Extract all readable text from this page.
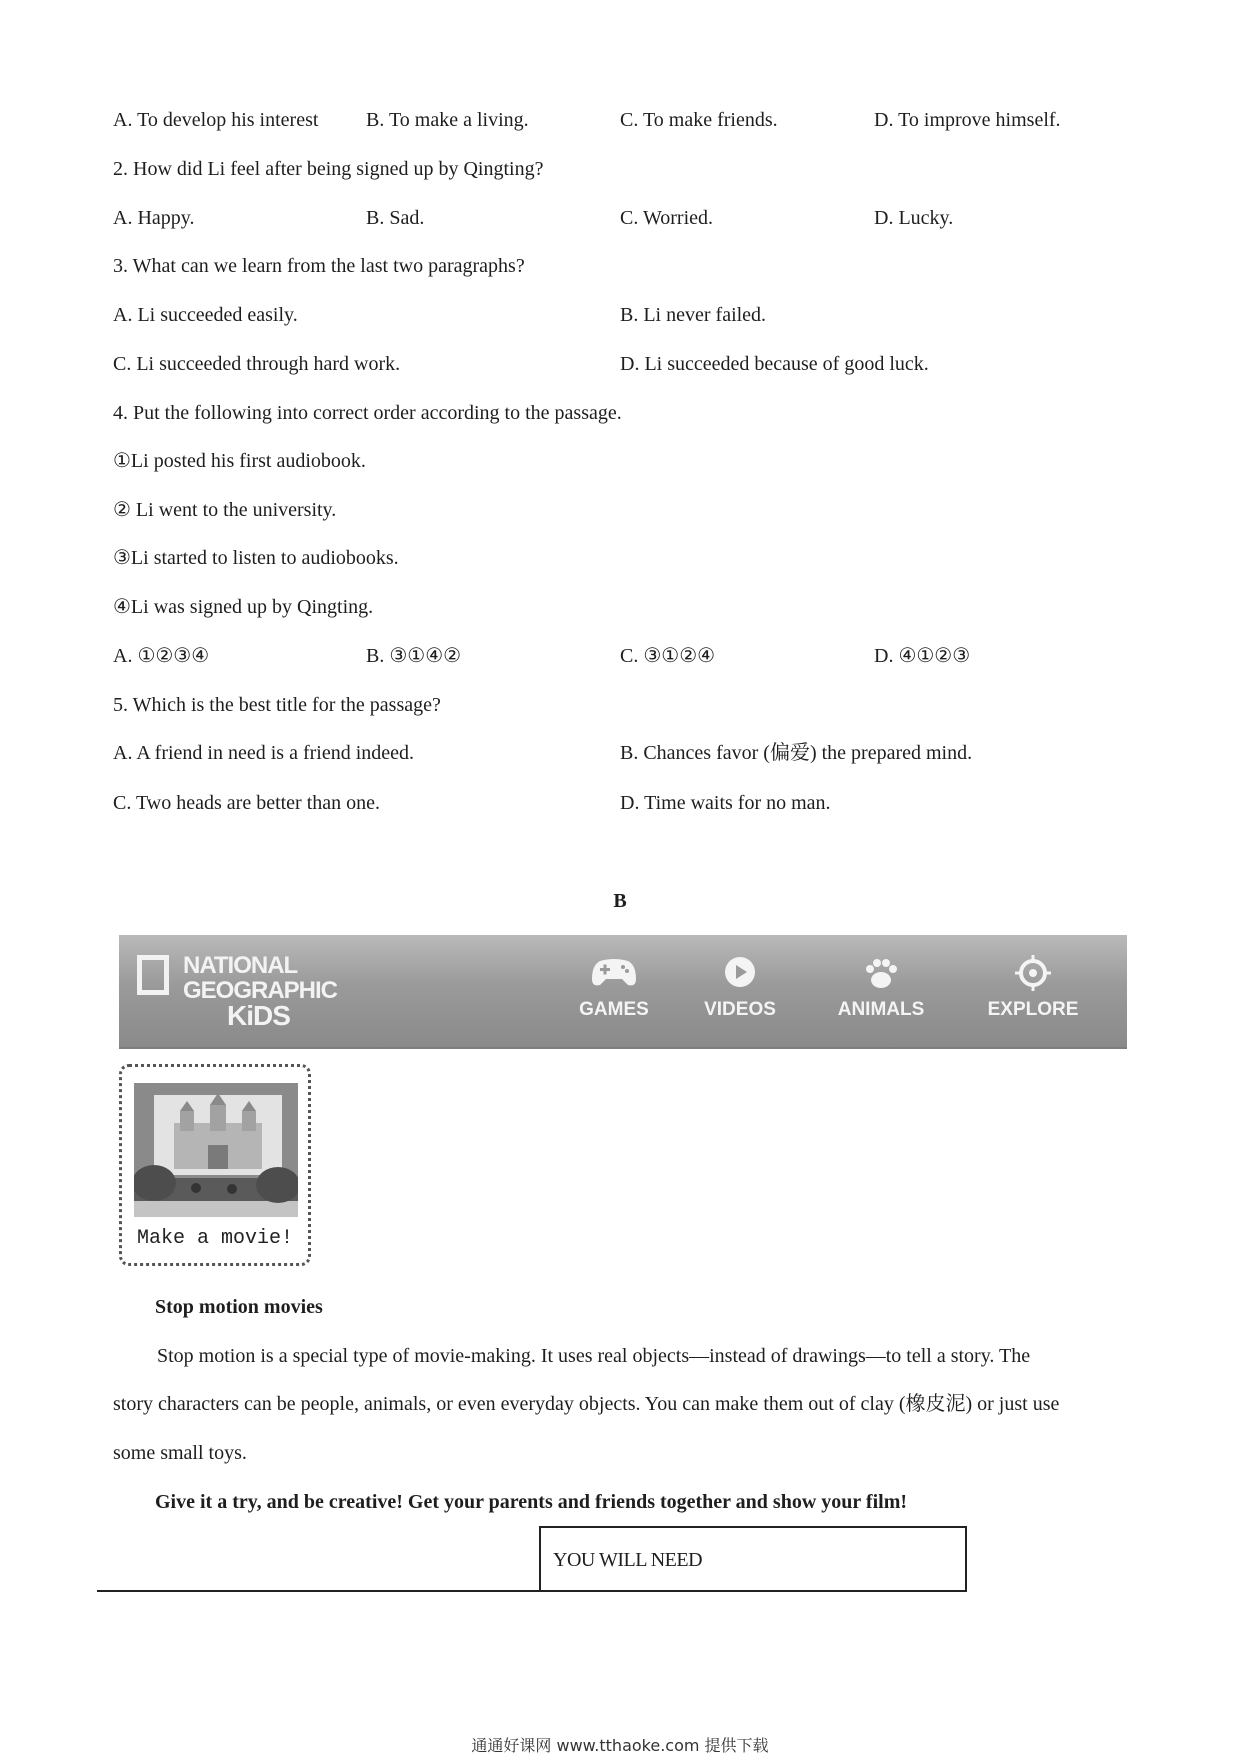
A. To develop his interest B. To make a living.	C. To make friends.	D. To improve himself.
2. How did Li feel after being signed up by Qingting?
A. Happy.	B. Sad.	C. Worried.	D. Lucky.
3. What can we learn from the last two paragraphs?
A. Li succeeded easily.	B. Li never failed.
C. Li succeeded through hard work.	D. Li succeeded because of good luck.
4. Put the following into correct order according to the passage.
①Li posted his first audiobook.
② Li went to the university.
③Li started to listen to audiobooks.
④Li was signed up by Qingting.
A. ①②③④	B. ③①④②	C. ③①②④	D. ④①②③
5. Which is the best title for the passage?
A. A friend in need is a friend indeed.	B. Chances favor (偏爱) the prepared mind.
C. Two heads are better than one.	D. Time waits for no man.
B
NATIONAL
GEOGRAPHIC
KiDS	GAMES	VIDEOS	ANIMALS	EXPLORE
Make a movie!
Stop motion movies
Stop motion is a special type of movie-making. It uses real objects—instead of drawings—to tell a story. The
story characters can be people, animals, or even everyday objects. You can make them out of clay (橡皮泥) or just use
some small toys.
Give it a try, and be creative! Get your parents and friends together and show your film!
YOU WILL NEED
通通好课网 www.tthaoke.com 提供下载
